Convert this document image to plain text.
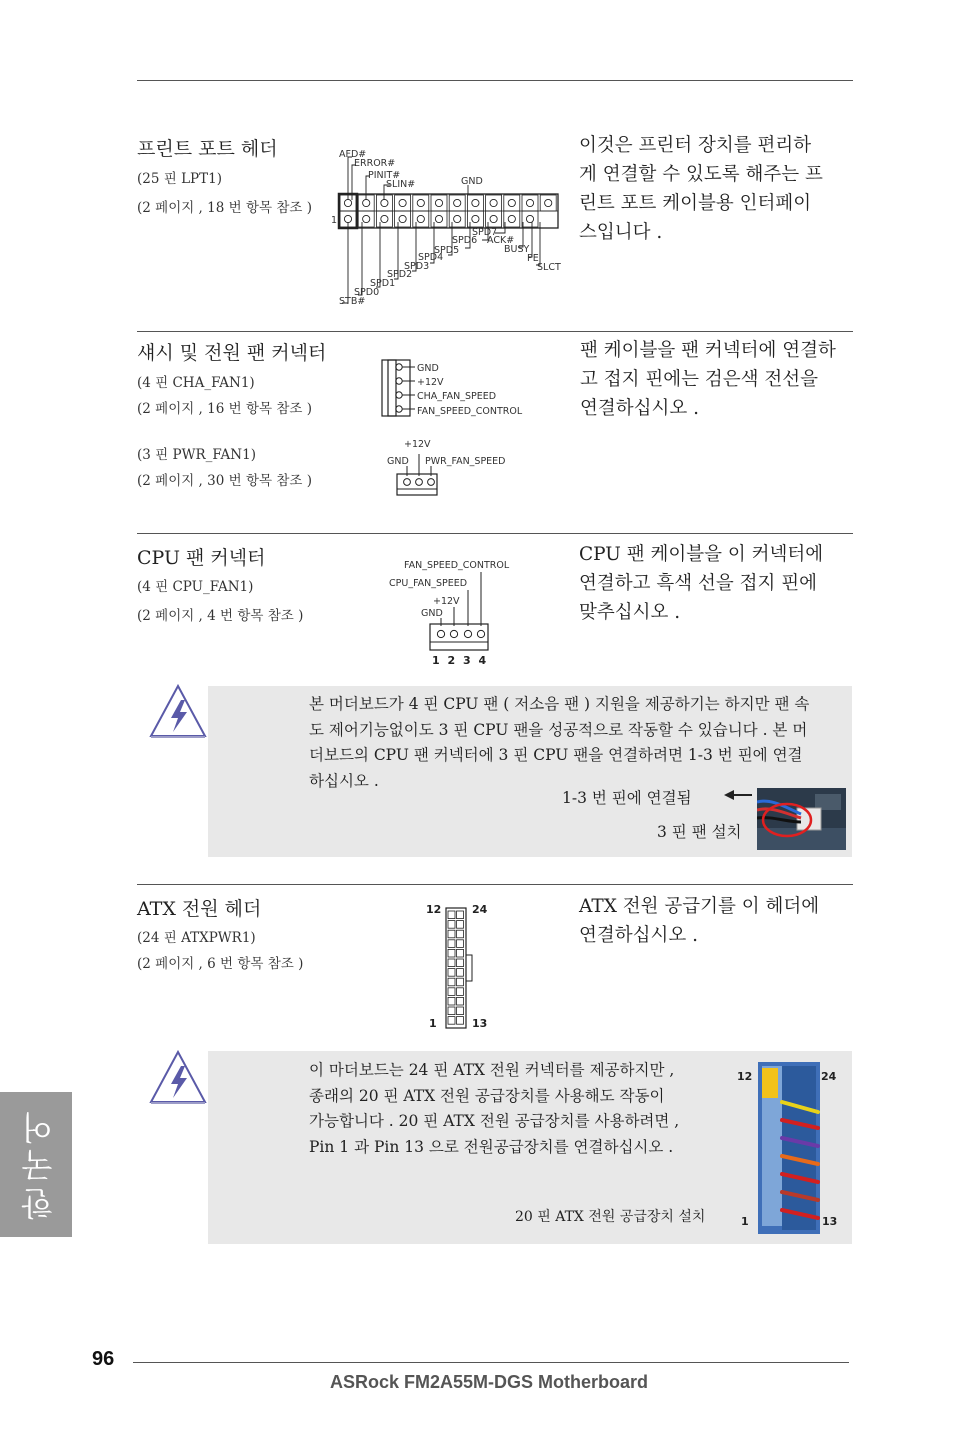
프린트 포트 헤더
(25 핀 LPT1)
(2 페이지 , 18 번 항목 참조 )
AFD#
ERROR#
PINIT#
SLIN#	GND
SPD7
SPD6 ACK#
SPD5	BUSY
SPD4	PE
SPD3	SLCT
SPD2
SPD1
SPD0
STB#
1
이것은 프린터 장치를 편리하
게 연결할 수 있도록 해주는 프
린트 포트 케이블용 인터페이
스입니다 .
섀시 및 전원 팬 커넥터
(4 핀 CHA_FAN1)
(2 페이지 , 16 번 항목 참조 )
(3 핀 PWR_FAN1)
(2 페이지 , 30 번 항목 참조 )
GND
+12V
CHA_FAN_SPEED
FAN_SPEED_CONTROL
+12V
GND PWR_FAN_SPEED
팬 케이블을 팬 커넥터에 연결하
고 접지 핀에는 검은색 전선을
연결하십시오 .
CPU 팬 커넥터
(4 핀 CPU_FAN1)
(2 페이지 , 4 번 항목 참조 )
FAN_SPEED_CONTROL
CPU_FAN_SPEED
+12V
GND
1 2 3 4
CPU 팬 케이블을 이 커넥터에
연결하고 흑색 선을 접지 핀에
맞추십시오 .
본 머더보드가 4 핀 CPU 팬 ( 저소음 팬 ) 지원을 제공하기는 하지만 팬 속
도 제어기능없이도 3 핀 CPU 팬을 성공적으로 작동할 수 있습니다 . 본 머
더보드의 CPU 팬 커넥터에 3 핀 CPU 팬을 연결하려면 1-3 번 핀에 연결
하십시오 .
1-3 번 핀에 연결됨
3 핀 팬 설치
ATX 전원 헤더
(24 핀 ATXPWR1)
(2 페이지 , 6 번 항목 참조 )
12	24
1	13
ATX 전원 공급기를 이 헤더에
연결하십시오 .
이 마더보드는 24 핀 ATX 전원 커넥터를 제공하지만 ,
종래의 20 핀 ATX 전원 공급장치를 사용해도 작동이
가능합니다 . 20 핀 ATX 전원 공급장치를 사용하려면 ,
Pin 1 과 Pin 13 으로 전원공급장치를 연결하십시오 .
20 핀 ATX 전원 공급장치 설치
12	24
1	13
한국어
96
ASRock FM2A55M-DGS Motherboard
